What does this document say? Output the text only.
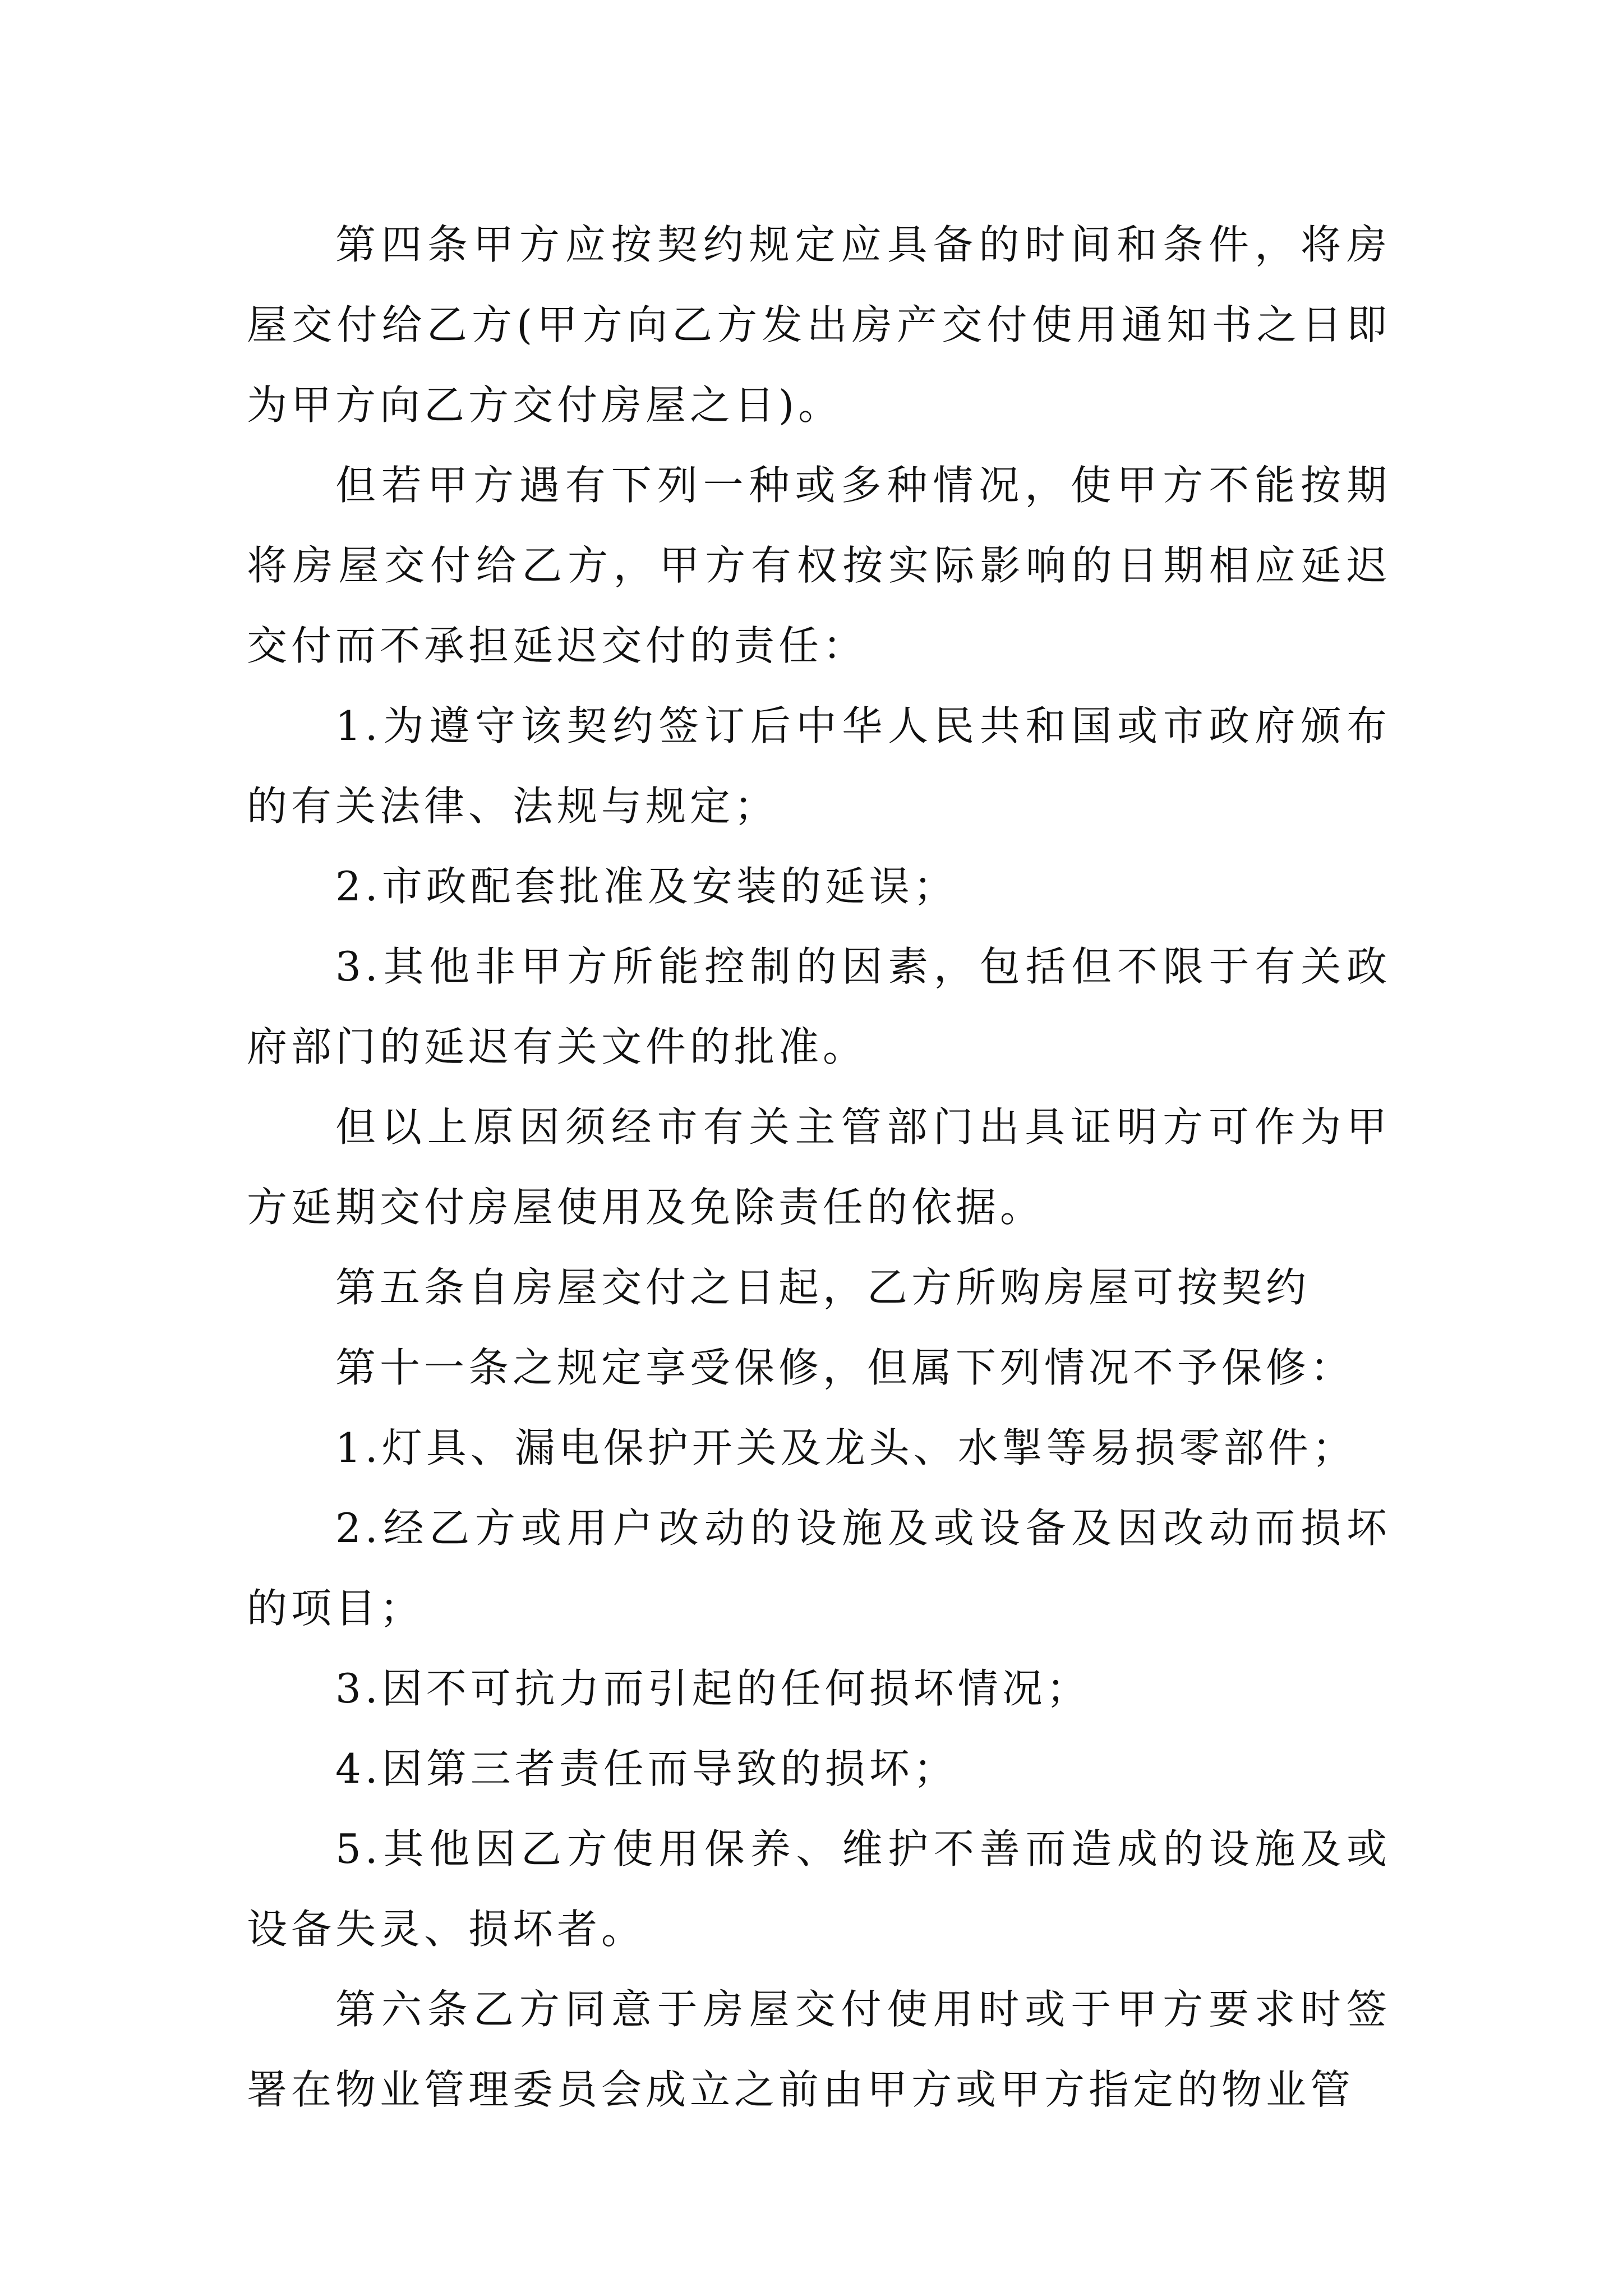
第四条甲方应按契约规定应具备的时间和条件，将房屋交付给乙方(甲方向乙方发出房产交付使用通知书之日即为甲方向乙方交付房屋之日)。

但若甲方遇有下列一种或多种情况，使甲方不能按期将房屋交付给乙方，甲方有权按实际影响的日期相应延迟交付而不承担延迟交付的责任：

1.为遵守该契约签订后中华人民共和国或市政府颁布的有关法律、法规与规定；

2.市政配套批准及安装的延误；

3.其他非甲方所能控制的因素，包括但不限于有关政府部门的延迟有关文件的批准。

但以上原因须经市有关主管部门出具证明方可作为甲方延期交付房屋使用及免除责任的依据。

第五条自房屋交付之日起，乙方所购房屋可按契约

第十一条之规定享受保修，但属下列情况不予保修：

1.灯具、漏电保护开关及龙头、水掣等易损零部件；

2.经乙方或用户改动的设施及或设备及因改动而损坏的项目；

3.因不可抗力而引起的任何损坏情况；

4.因第三者责任而导致的损坏；

5.其他因乙方使用保养、维护不善而造成的设施及或设备失灵、损坏者。

第六条乙方同意于房屋交付使用时或于甲方要求时签署在物业管理委员会成立之前由甲方或甲方指定的物业管
